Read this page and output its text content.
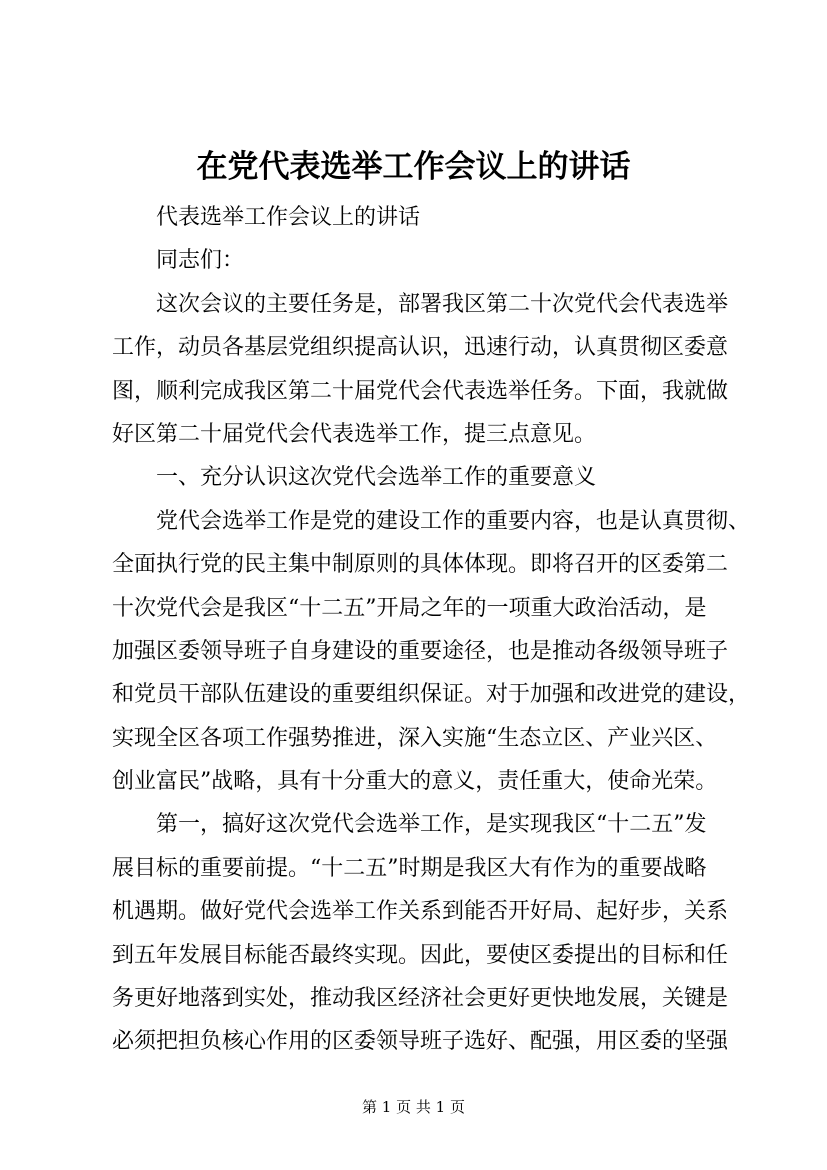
在党代表选举工作会议上的讲话
代表选举工作会议上的讲话
同志们：
这次会议的主要任务是，部署我区第二十次党代会代表选举
工作，动员各基层党组织提高认识，迅速行动，认真贯彻区委意
图，顺利完成我区第二十届党代会代表选举任务。下面，我就做
好区第二十届党代会代表选举工作，提三点意见。
一、充分认识这次党代会选举工作的重要意义
党代会选举工作是党的建设工作的重要内容，也是认真贯彻、
全面执行党的民主集中制原则的具体体现。即将召开的区委第二
十次党代会是我区“十二五”开局之年的一项重大政治活动，是
加强区委领导班子自身建设的重要途径，也是推动各级领导班子
和党员干部队伍建设的重要组织保证。对于加强和改进党的建设，
实现全区各项工作强势推进，深入实施“生态立区、产业兴区、
创业富民”战略，具有十分重大的意义，责任重大，使命光荣。
第一，搞好这次党代会选举工作，是实现我区“十二五”发
展目标的重要前提。“十二五”时期是我区大有作为的重要战略
机遇期。做好党代会选举工作关系到能否开好局、起好步，关系
到五年发展目标能否最终实现。因此，要使区委提出的目标和任
务更好地落到实处，推动我区经济社会更好更快地发展，关键是
必须把担负核心作用的区委领导班子选好、配强，用区委的坚强
第 1 页 共 1 页
